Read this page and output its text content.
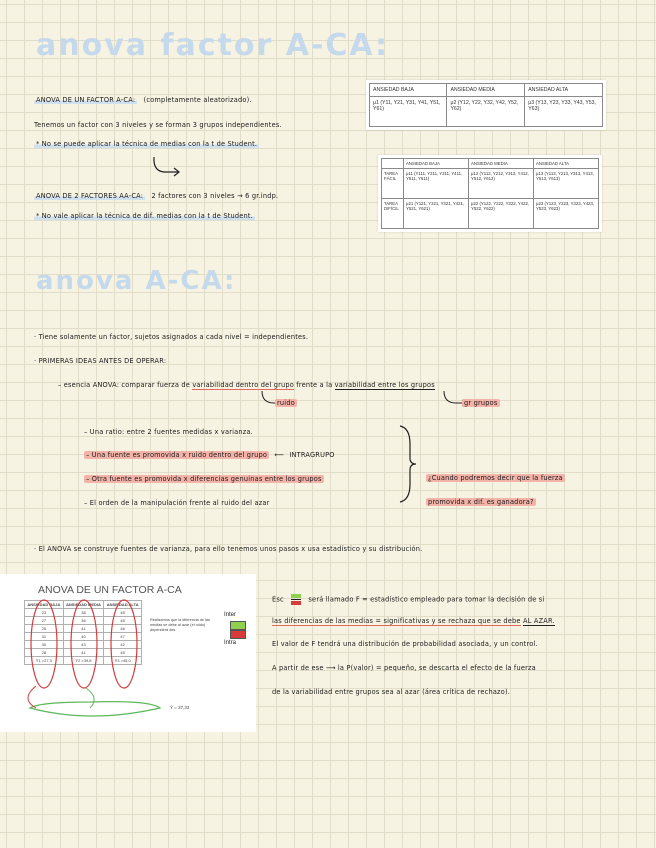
anova factor A-CA:
ANOVA DE UN FACTOR A-CA: (completamente aleatorizado).
Tenemos un factor con 3 niveles y se forman 3 grupos independientes.
* No se puede aplicar la técnica de medias con la t de Student.
ANOVA DE 2 FACTORES AA-CA: 2 factores con 3 niveles → 6 gr.indp.
* No vale aplicar la técnica de dif. medias con la t de Student.
ANSIEDAD BAJA	ANSIEDAD MEDIA	ANSIEDAD ALTA
μ1 (Y11, Y21, Y31, Y41, Y51, Y61)	μ2 (Y12, Y22, Y32, Y42, Y52, Y62)	μ3 (Y13, Y23, Y33, Y43, Y53, Y63)
	ANSIEDAD BAJA	ANSIEDAD MEDIA	ANSIEDAD ALTA
TAREA FÁCIL	μ11 (Y111, Y211, Y311, Y411, Y511, Y611)	μ12 (Y112, Y212, Y312, Y412, Y512, Y612)	μ13 (Y113, Y213, Y313, Y413, Y513, Y613)
TAREA DIFÍCIL	μ21 (Y121, Y221, Y321, Y421, Y521, Y621)	μ22 (Y122, Y222, Y322, Y422, Y522, Y622)	μ23 (Y123, Y223, Y323, Y423, Y523, Y623)
anova A-CA:
· Tiene solamente un factor, sujetos asignados a cada nivel = independientes.
· PRIMERAS IDEAS ANTES DE OPERAR:
– esencia ANOVA: comparar fuerza de variabilidad dentro del grupo frente a la variabilidad entre los grupos
ruido	gr grupos
– Una ratio: entre 2 fuentes medidas x varianza.
– Una fuente es promovida x ruido dentro del grupo ⟵ INTRAGRUPO
– Otra fuente es promovida x diferencias genuinas entre los grupos
– El orden de la manipulación frente al ruido del azar
¿Cuando podremos decir que la fuerza
promovida x dif. es ganadora?
· El ANOVA se construye fuentes de varianza, para ello tenemos unos pasos x usa estadístico y su distribución.
ANOVA DE UN FACTOR A-CA
ANSIEDAD BAJA	ANSIEDAD MEDIA	ANSIEDAD ALTA
23	38	45
27	36	45
25	41	46
31	40	47
30	43	42
28	41	45
Ȳ1 =27,3	Ȳ2 =39,8	Ȳ3 =45,0
Ȳ = 37,33
Realizamos que la diferencia de las medias se debe al azar (el ruido) dependerá des
Inter
Intra
Esc	será llamado F = estadístico empleado para tomar la decisión de si
las diferencias de las medias = significativas y se rechaza que se debe AL AZAR.
El valor de F tendrá una distribución de probabilidad asociada, y un control.
A partir de ese ⟶ la P(valor) = pequeño, se descarta el efecto de la fuerza
de la variabilidad entre grupos sea al azar (área crítica de rechazo).
